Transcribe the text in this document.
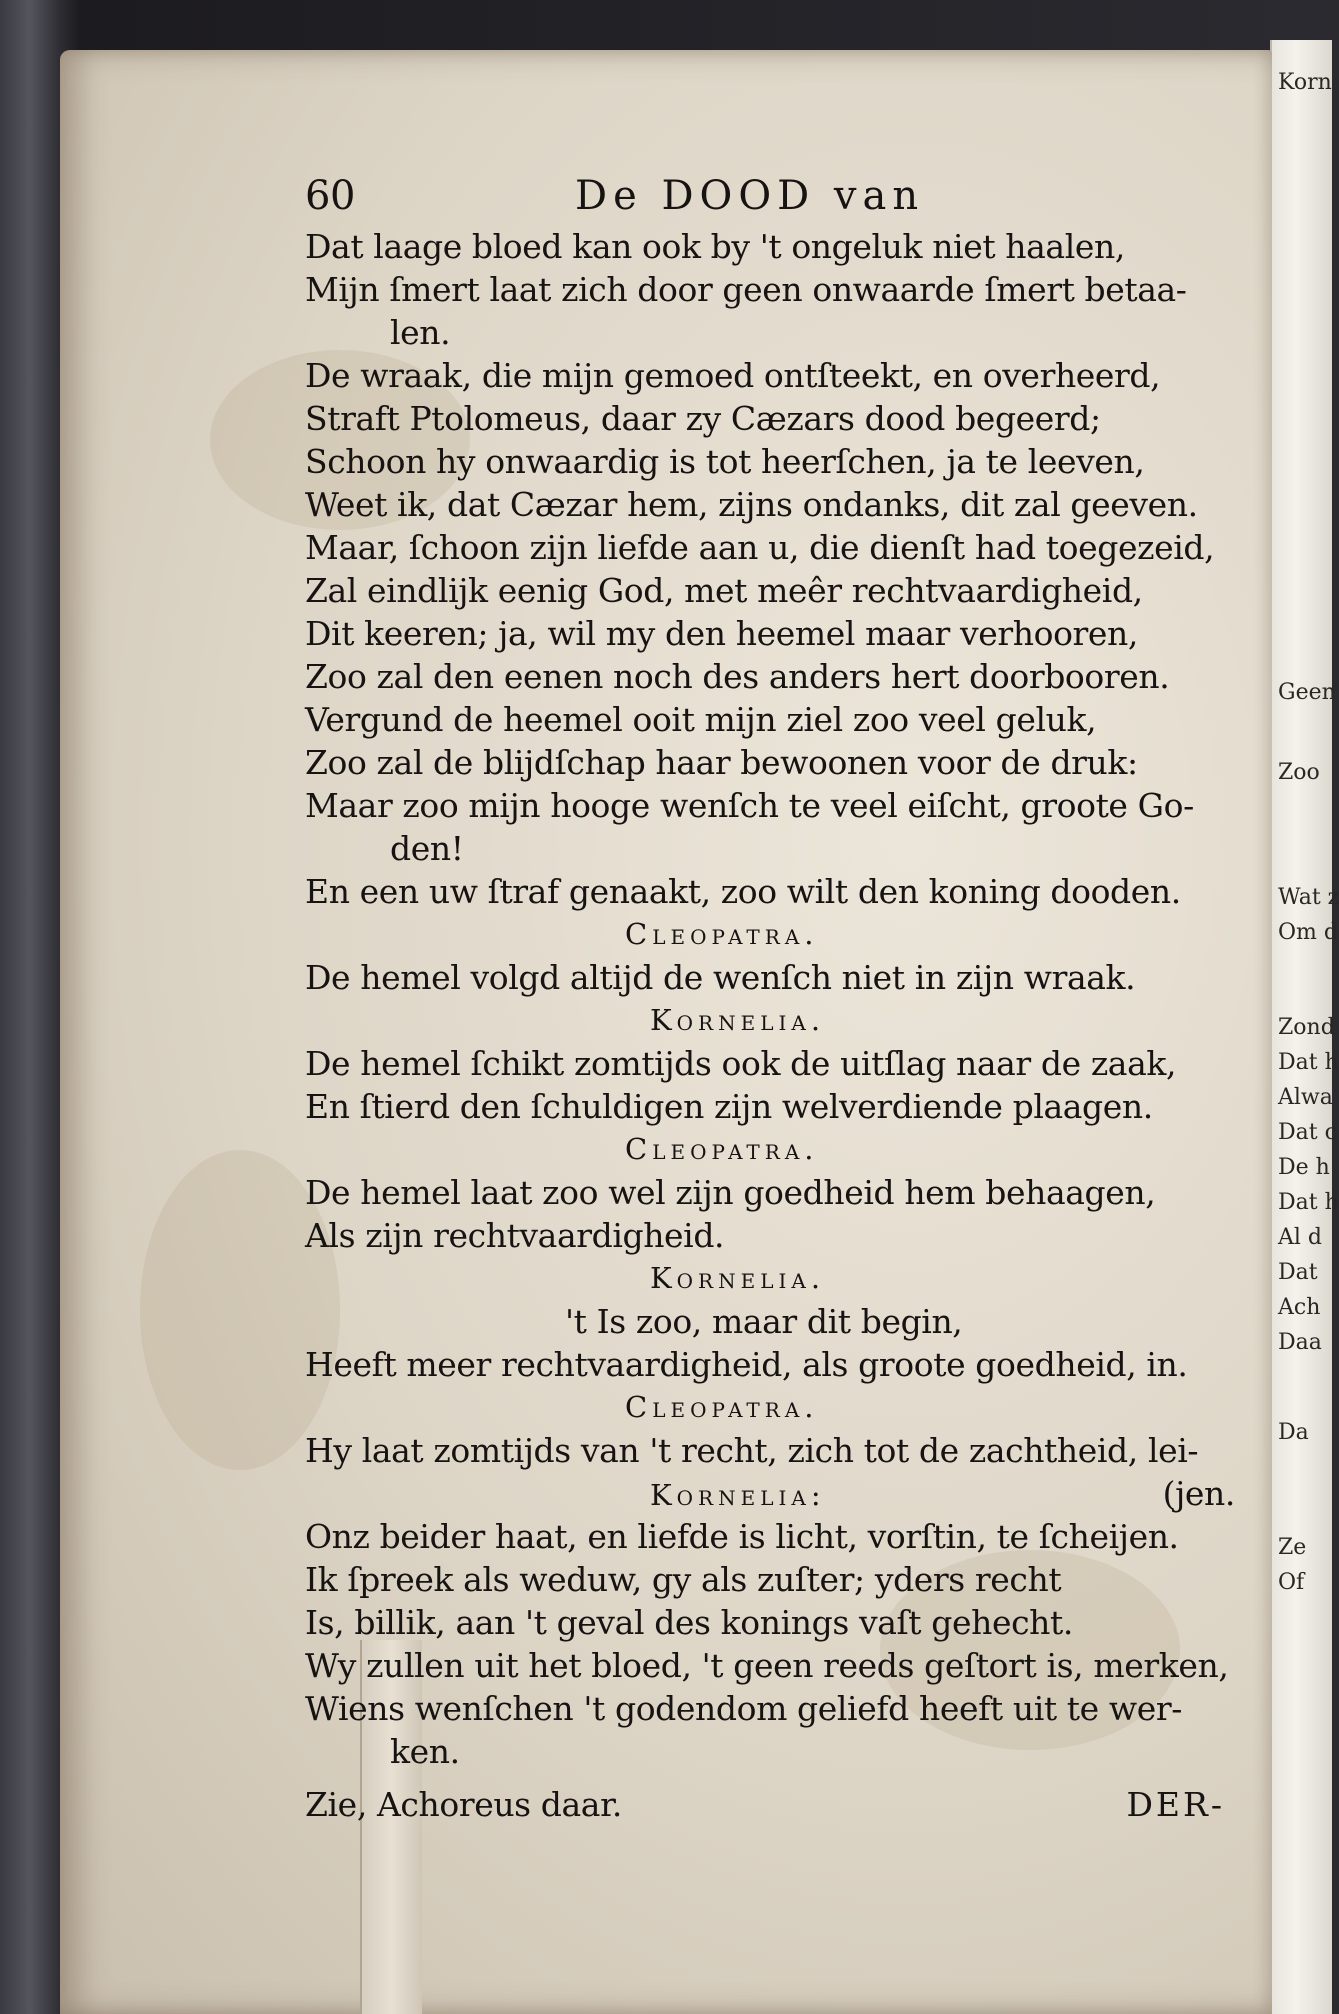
Korn
Geen
Zoo
Wat z
Om d
Zond
Dat h
Alwa
Dat c
De h
Dat h
Al d
Dat
Ach
Daa
Da
Ze
Of
60	De DOOD van
Dat laage bloed kan ook by 't ongeluk niet haalen,
Mijn ſmert laat zich door geen onwaarde ſmert betaa-
len.
De wraak, die mijn gemoed ontſteekt, en overheerd,
Straft Ptolomeus, daar zy Cæzars dood begeerd;
Schoon hy onwaardig is tot heerſchen, ja te leeven,
Weet ik, dat Cæzar hem, zijns ondanks, dit zal geeven.
Maar, ſchoon zijn liefde aan u, die dienſt had toegezeid,
Zal eindlijk eenig God, met meêr rechtvaardigheid,
Dit keeren; ja, wil my den heemel maar verhooren,
Zoo zal den eenen noch des anders hert doorbooren.
Vergund de heemel ooit mijn ziel zoo veel geluk,
Zoo zal de blijdſchap haar bewoonen voor de druk:
Maar zoo mijn hooge wenſch te veel eiſcht, groote Go-
den!
En een uw ſtraf genaakt, zoo wilt den koning dooden.
Cleopatra.
De hemel volgd altijd de wenſch niet in zijn wraak.
Kornelia.
De hemel ſchikt zomtijds ook de uitſlag naar de zaak,
En ſtierd den ſchuldigen zijn welverdiende plaagen.
Cleopatra.
De hemel laat zoo wel zijn goedheid hem behaagen,
Als zijn rechtvaardigheid.
Kornelia.
't Is zoo, maar dit begin,
Heeft meer rechtvaardigheid, als groote goedheid, in.
Cleopatra.
Hy laat zomtijds van 't recht, zich tot de zachtheid, lei-
Kornelia:	(jen.
Onz beider haat, en liefde is licht, vorſtin, te ſcheijen.
Ik ſpreek als weduw, gy als zuſter; yders recht
Is, billik, aan 't geval des konings vaſt gehecht.
Wy zullen uit het bloed, 't geen reeds geſtort is, merken,
Wiens wenſchen 't godendom geliefd heeft uit te wer-
ken.
Zie, Achoreus daar.	DER-
